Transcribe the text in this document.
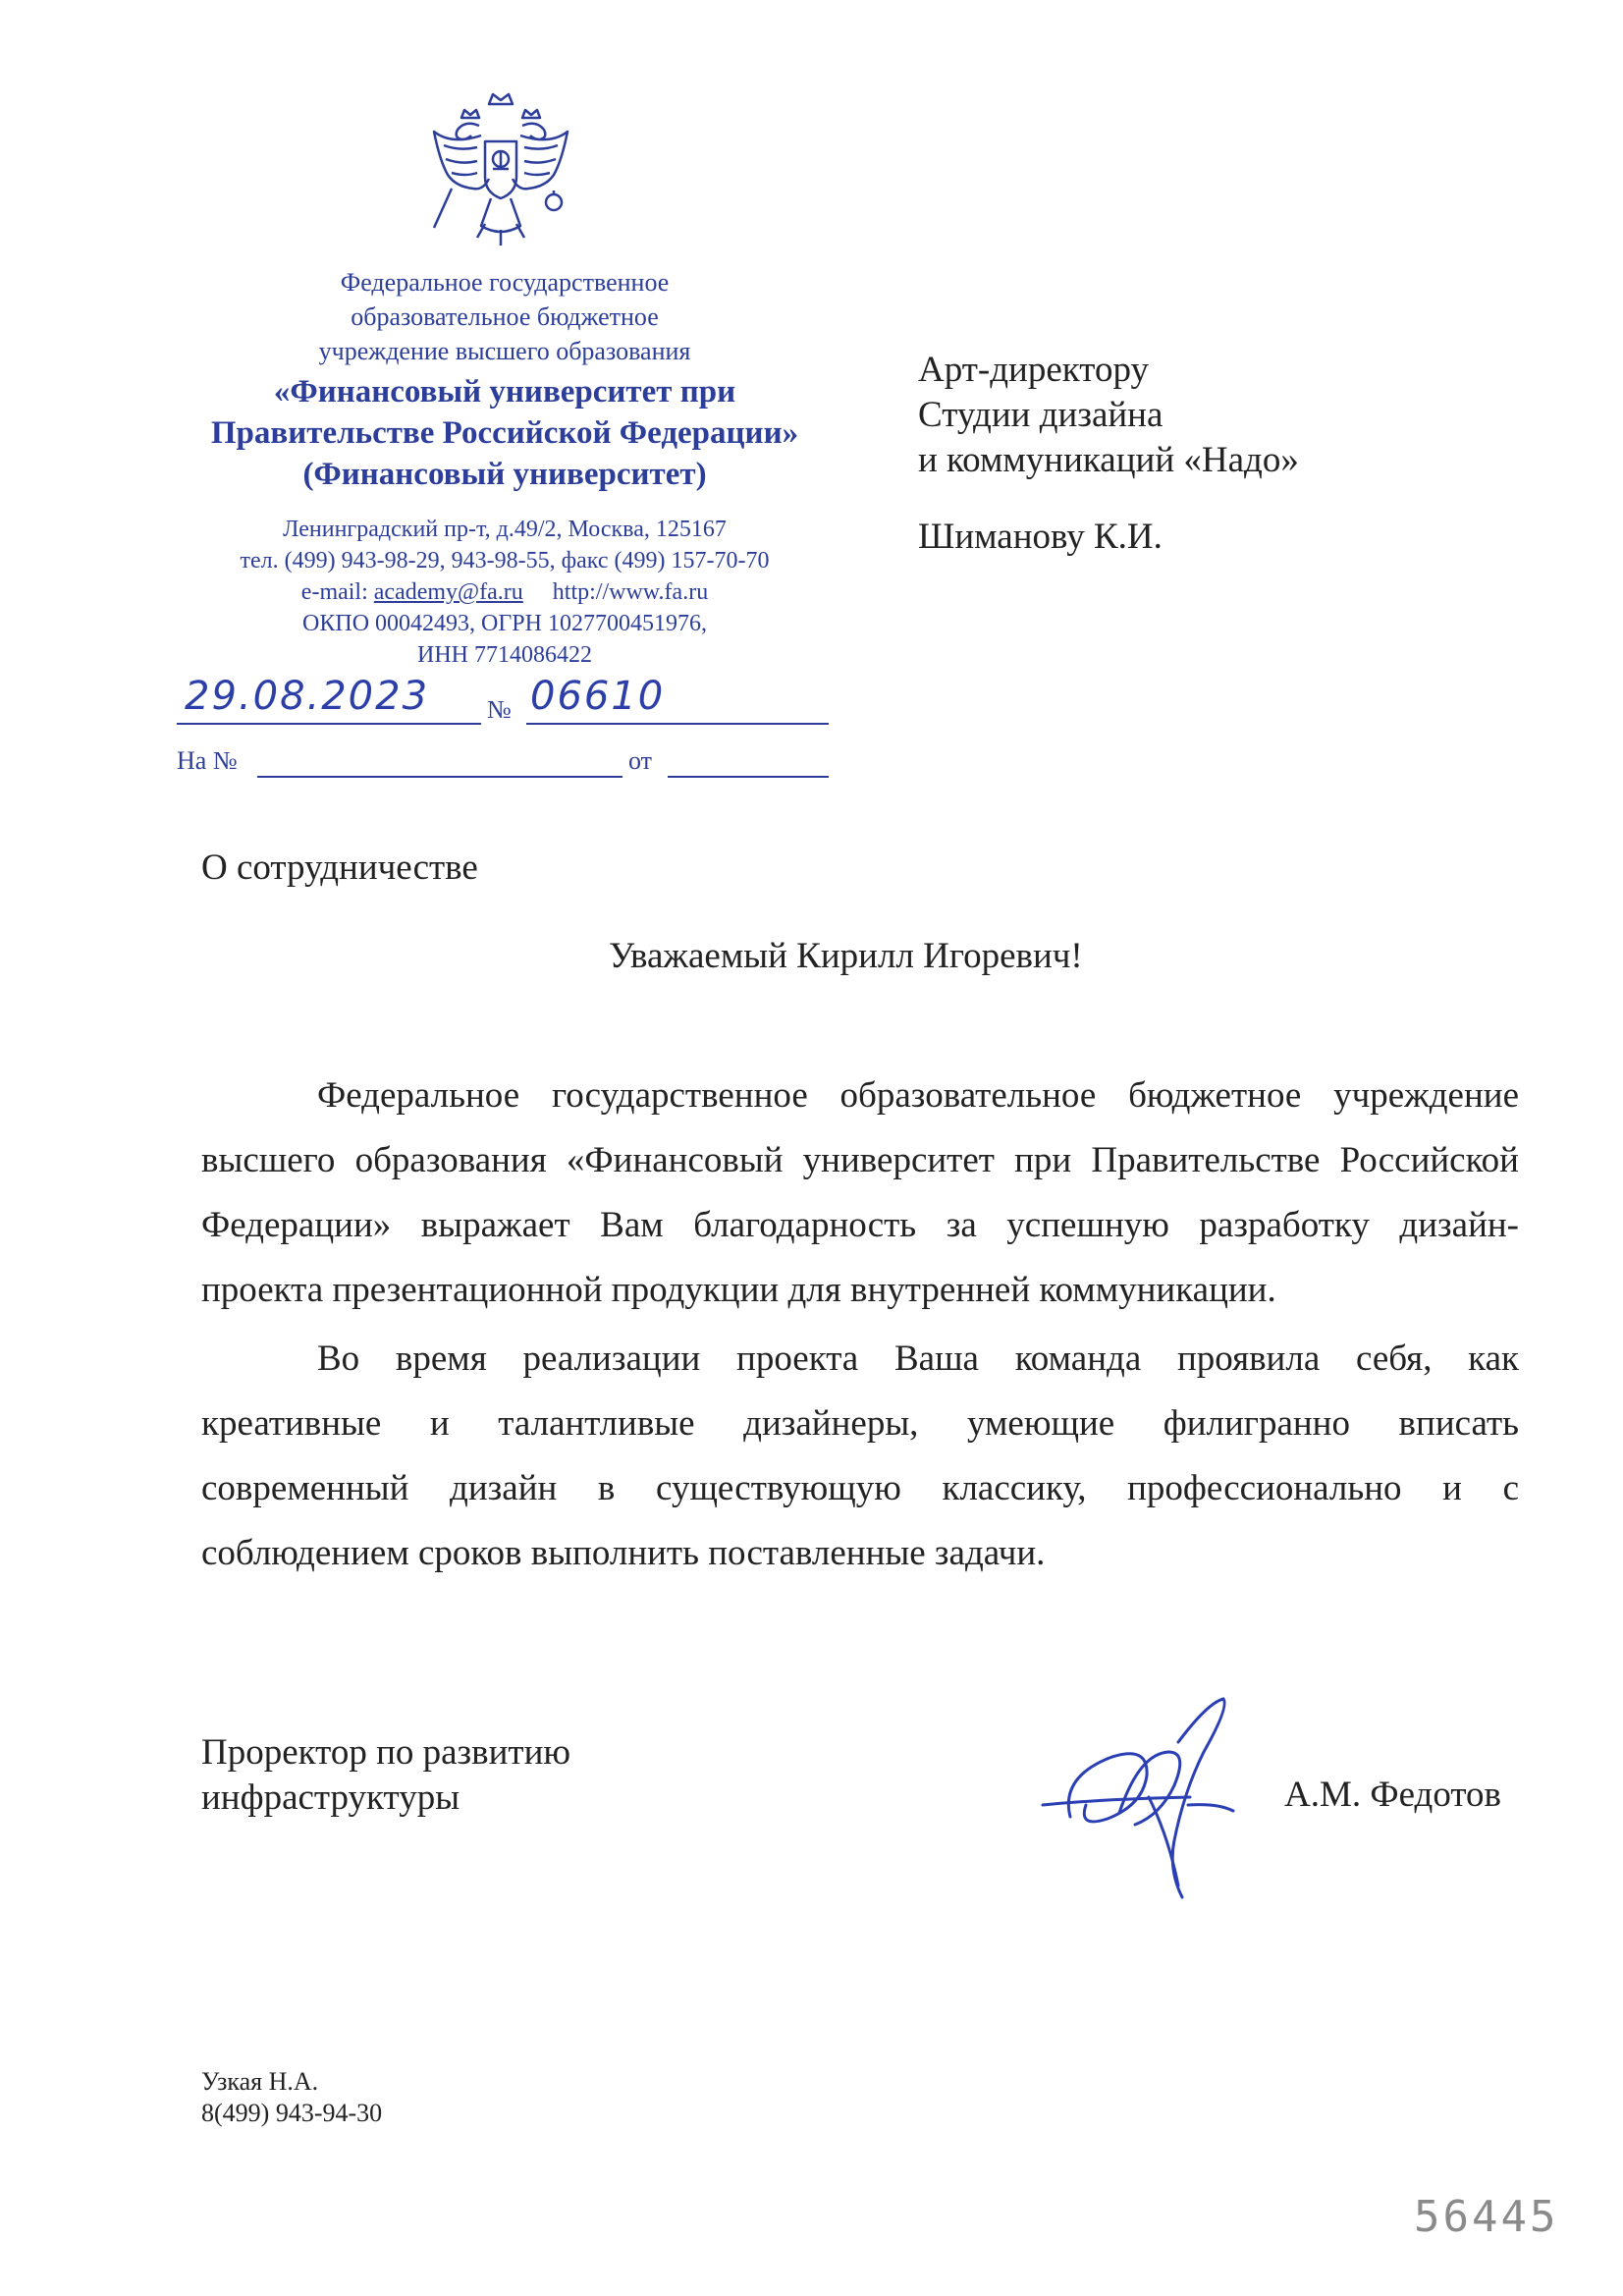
Федеральное государственное
образовательное бюджетное
учреждение высшего образования
«Финансовый университет при
Правительстве Российской Федерации»
(Финансовый университет)
Ленинградский пр-т, д.49/2, Москва, 125167
тел. (499) 943-98-29, 943-98-55, факс (499) 157-70-70
e-mail: academy@fa.ru http://www.fa.ru
ОКПО 00042493, ОГРН 1027700451976,
ИНН 7714086422
29.08.2023 № 06610
На №	от
Арт-директору
Студии дизайна
и коммуникаций «Надо»
Шиманову К.И.
О сотрудничестве
Уважаемый Кирилл Игоревич!
Федеральное государственное образовательное бюджетное учреждение
высшего образования «Финансовый университет при Правительстве Российской
Федерации» выражает Вам благодарность за успешную разработку дизайн-
проекта презентационной продукции для внутренней коммуникации.
Во время реализации проекта Ваша команда проявила себя, как
креативные и талантливые дизайнеры, умеющие филигранно вписать
современный дизайн в существующую классику, профессионально и с
соблюдением сроков выполнить поставленные задачи.
Проректор по развитию
инфраструктуры	А.М. Федотов
Узкая Н.А.
8(499) 943-94-30
56445
